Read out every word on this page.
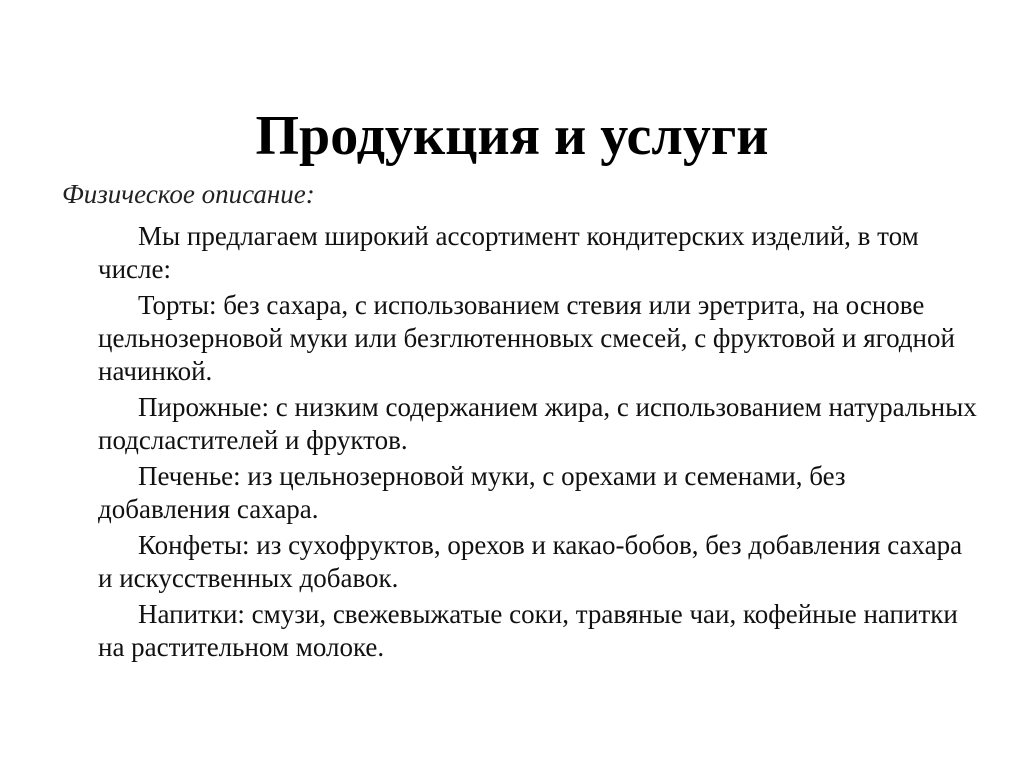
Продукция и услуги
Физическое описание:

Мы предлагаем широкий ассортимент кондитерских изделий, в том числе:

Торты: без сахара, с использованием стевия или эретрита, на основе цельнозерновой муки или безглютенновых смесей, с фруктовой и ягодной начинкой.

Пирожные: с низким содержанием жира, с использованием натуральных подсластителей и фруктов.

Печенье: из цельнозерновой муки, с орехами и семенами, без добавления сахара.

Конфеты: из сухофруктов, орехов и какао-бобов, без добавления сахара и искусственных добавок.

Напитки: смузи, свежевыжатые соки, травяные чаи, кофейные напитки на растительном молоке.
